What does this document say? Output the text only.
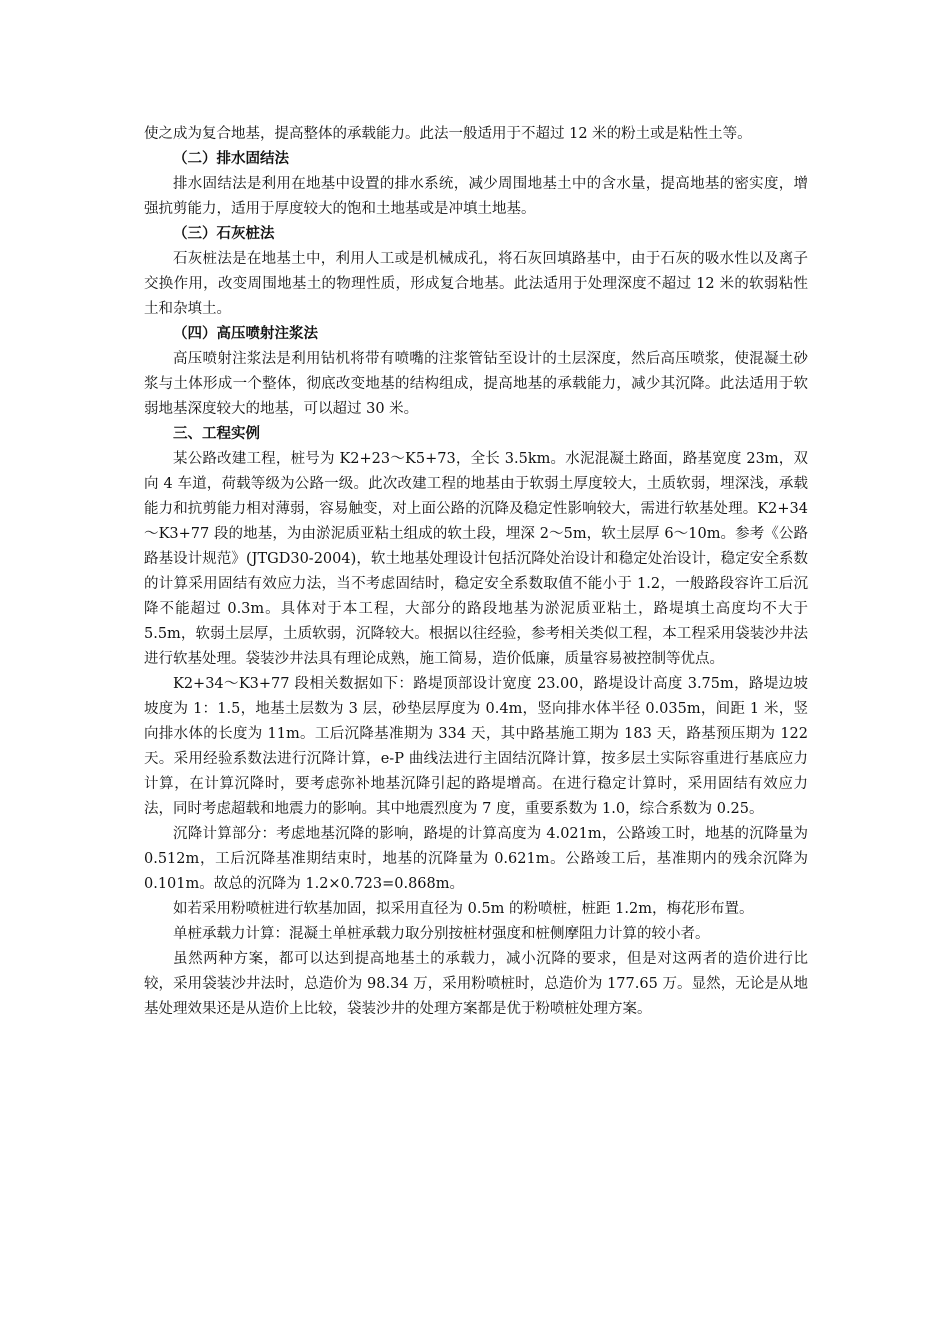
使之成为复合地基，提高整体的承载能力。此法一般适用于不超过 12 米的粉土或是粘性土等。

（二）排水固结法

排水固结法是利用在地基中设置的排水系统，减少周围地基土中的含水量，提高地基的密实度，增强抗剪能力，适用于厚度较大的饱和土地基或是冲填土地基。

（三）石灰桩法

石灰桩法是在地基土中，利用人工或是机械成孔，将石灰回填路基中，由于石灰的吸水性以及离子交换作用，改变周围地基土的物理性质，形成复合地基。此法适用于处理深度不超过 12 米的软弱粘性土和杂填土。

（四）高压喷射注浆法

高压喷射注浆法是利用钻机将带有喷嘴的注浆管钻至设计的土层深度，然后高压喷浆，使混凝土砂浆与土体形成一个整体，彻底改变地基的结构组成，提高地基的承载能力，减少其沉降。此法适用于软弱地基深度较大的地基，可以超过 30 米。

三、工程实例

某公路改建工程，桩号为 K2+23～K5+73，全长 3.5km。水泥混凝土路面，路基宽度 23m，双向 4 车道，荷载等级为公路一级。此次改建工程的地基由于软弱土厚度较大，土质软弱，埋深浅，承载能力和抗剪能力相对薄弱，容易触变，对上面公路的沉降及稳定性影响较大，需进行软基处理。K2+34～K3+77 段的地基，为由淤泥质亚粘土组成的软土段，埋深 2～5m，软土层厚 6～10m。参考《公路路基设计规范》(JTGD30-2004)，软土地基处理设计包括沉降处治设计和稳定处治设计，稳定安全系数的计算采用固结有效应力法，当不考虑固结时，稳定安全系数取值不能小于 1.2，一般路段容许工后沉降不能超过 0.3m。具体对于本工程，大部分的路段地基为淤泥质亚粘土，路堤填土高度均不大于 5.5m，软弱土层厚，土质软弱，沉降较大。根据以往经验，参考相关类似工程，本工程采用袋装沙井法进行软基处理。袋装沙井法具有理论成熟，施工简易，造价低廉，质量容易被控制等优点。

K2+34～K3+77 段相关数据如下：路堤顶部设计宽度 23.00，路堤设计高度 3.75m，路堤边坡坡度为 1：1.5，地基土层数为 3 层，砂垫层厚度为 0.4m，竖向排水体半径 0.035m，间距 1 米，竖向排水体的长度为 11m。工后沉降基准期为 334 天，其中路基施工期为 183 天，路基预压期为 122 天。采用经验系数法进行沉降计算，e-P 曲线法进行主固结沉降计算，按多层土实际容重进行基底应力计算，在计算沉降时，要考虑弥补地基沉降引起的路堤增高。在进行稳定计算时，采用固结有效应力法，同时考虑超载和地震力的影响。其中地震烈度为 7 度，重要系数为 1.0，综合系数为 0.25。

沉降计算部分：考虑地基沉降的影响，路堤的计算高度为 4.021m，公路竣工时，地基的沉降量为 0.512m，工后沉降基准期结束时，地基的沉降量为 0.621m。公路竣工后，基准期内的残余沉降为 0.101m。故总的沉降为 1.2×0.723=0.868m。

如若采用粉喷桩进行软基加固，拟采用直径为 0.5m 的粉喷桩，桩距 1.2m，梅花形布置。

单桩承载力计算：混凝土单桩承载力取分别按桩材强度和桩侧摩阻力计算的较小者。

虽然两种方案，都可以达到提高地基土的承载力，减小沉降的要求，但是对这两者的造价进行比较，采用袋装沙井法时，总造价为 98.34 万，采用粉喷桩时，总造价为 177.65 万。显然，无论是从地基处理效果还是从造价上比较，袋装沙井的处理方案都是优于粉喷桩处理方案。
